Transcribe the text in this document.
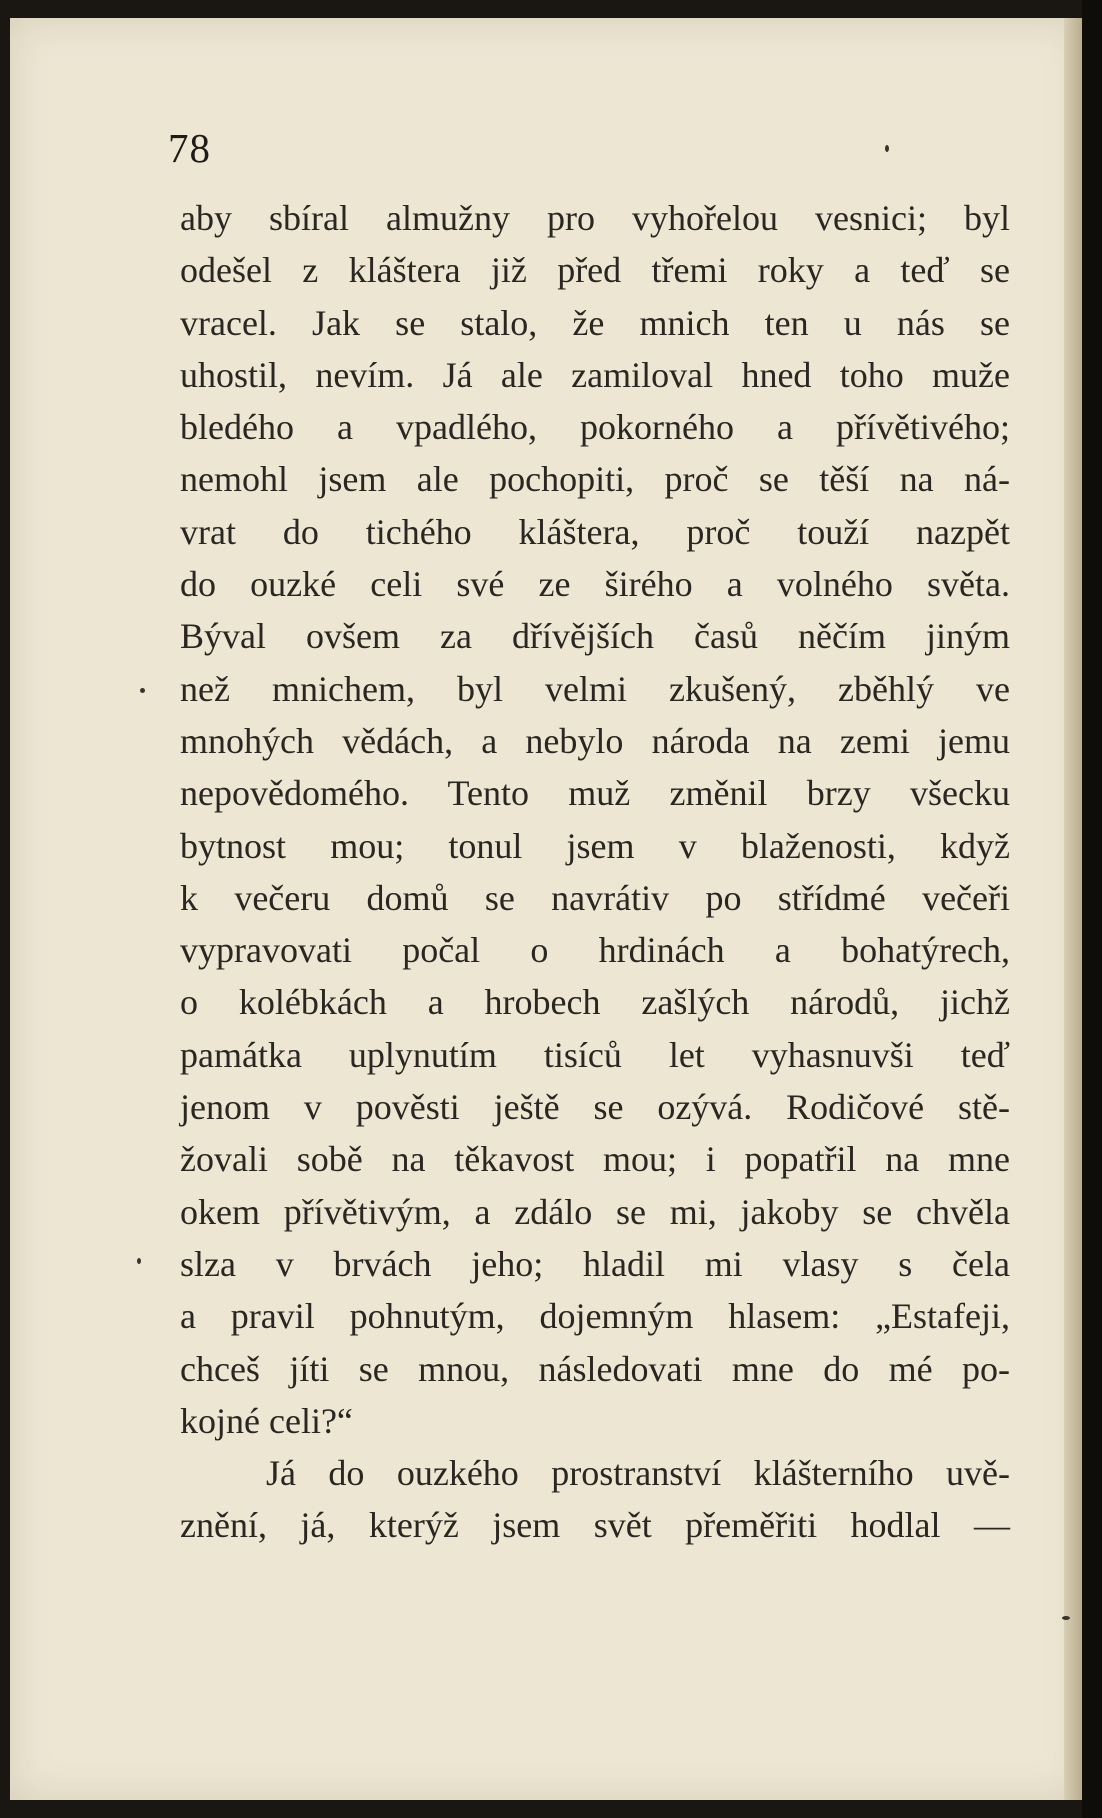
78
aby sbíral almužny pro vyhořelou vesnici; byl
odešel z kláštera již před třemi roky a teď se
vracel. Jak se stalo, že mnich ten u nás se
uhostil, nevím. Já ale zamiloval hned toho muže
bledého a vpadlého, pokorného a přívětivého;
nemohl jsem ale pochopiti, proč se těší na ná-
vrat do tichého kláštera, proč touží nazpět
do ouzké celi své ze širého a volného světa.
Býval ovšem za dřívějších časů něčím jiným
než mnichem, byl velmi zkušený, zběhlý ve
mnohých vědách, a nebylo národa na zemi jemu
nepovědomého. Tento muž změnil brzy všecku
bytnost mou; tonul jsem v blaženosti, když
k večeru domů se navrátiv po střídmé večeři
vypravovati počal o hrdinách a bohatýrech,
o kolébkách a hrobech zašlých národů, jichž
památka uplynutím tisíců let vyhasnuvši teď
jenom v pověsti ještě se ozývá. Rodičové stě-
žovali sobě na těkavost mou; i popatřil na mne
okem přívětivým, a zdálo se mi, jakoby se chvěla
slza v brvách jeho; hladil mi vlasy s čela
a pravil pohnutým, dojemným hlasem: „Estafeji,
chceš jíti se mnou, následovati mne do mé po-
kojné celi?“
Já do ouzkého prostranství klášterního uvě-
znění, já, kterýž jsem svět přeměřiti hodlal —
